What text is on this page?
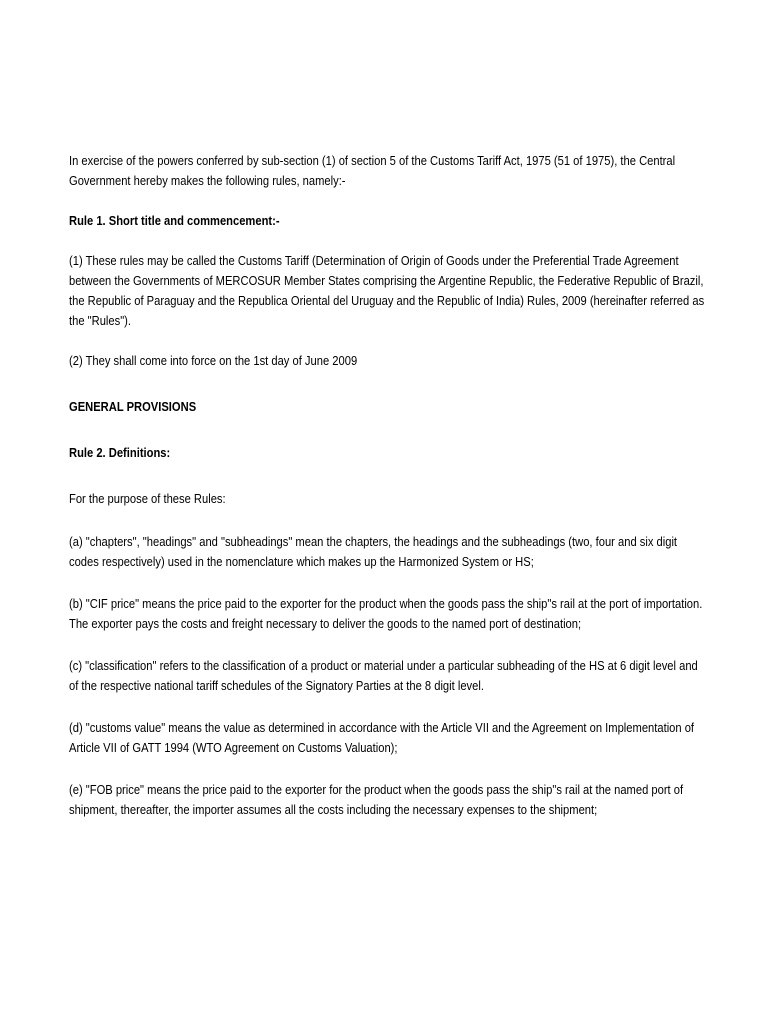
In exercise of the powers conferred by sub-section (1) of section 5 of the Customs Tariff Act, 1975 (51 of 1975), the Central Government hereby makes the following rules, namely:-

Rule 1. Short title and commencement:-

(1) These rules may be called the Customs Tariff (Determination of Origin of Goods under the Preferential Trade Agreement between the Governments of MERCOSUR Member States comprising the Argentine Republic, the Federative Republic of Brazil, the Republic of Paraguay and the Republica Oriental del Uruguay and the Republic of India) Rules, 2009 (hereinafter referred as the "Rules").

(2) They shall come into force on the 1st day of June 2009

GENERAL PROVISIONS

Rule 2. Definitions:

For the purpose of these Rules:

(a) "chapters", "headings" and "subheadings" mean the chapters, the headings and the subheadings (two, four and six digit codes respectively) used in the nomenclature which makes up the Harmonized System or HS;

(b) "CIF price" means the price paid to the exporter for the product when the goods pass the ship"s rail at the port of importation. The exporter pays the costs and freight necessary to deliver the goods to the named port of destination;

(c) "classification" refers to the classification of a product or material under a particular subheading of the HS at 6 digit level and of the respective national tariff schedules of the Signatory Parties at the 8 digit level.

(d) "customs value" means the value as determined in accordance with the Article VII and the Agreement on Implementation of Article VII of GATT 1994 (WTO Agreement on Customs Valuation);

(e) "FOB price" means the price paid to the exporter for the product when the goods pass the ship"s rail at the named port of shipment, thereafter, the importer assumes all the costs including the necessary expenses to the shipment;
